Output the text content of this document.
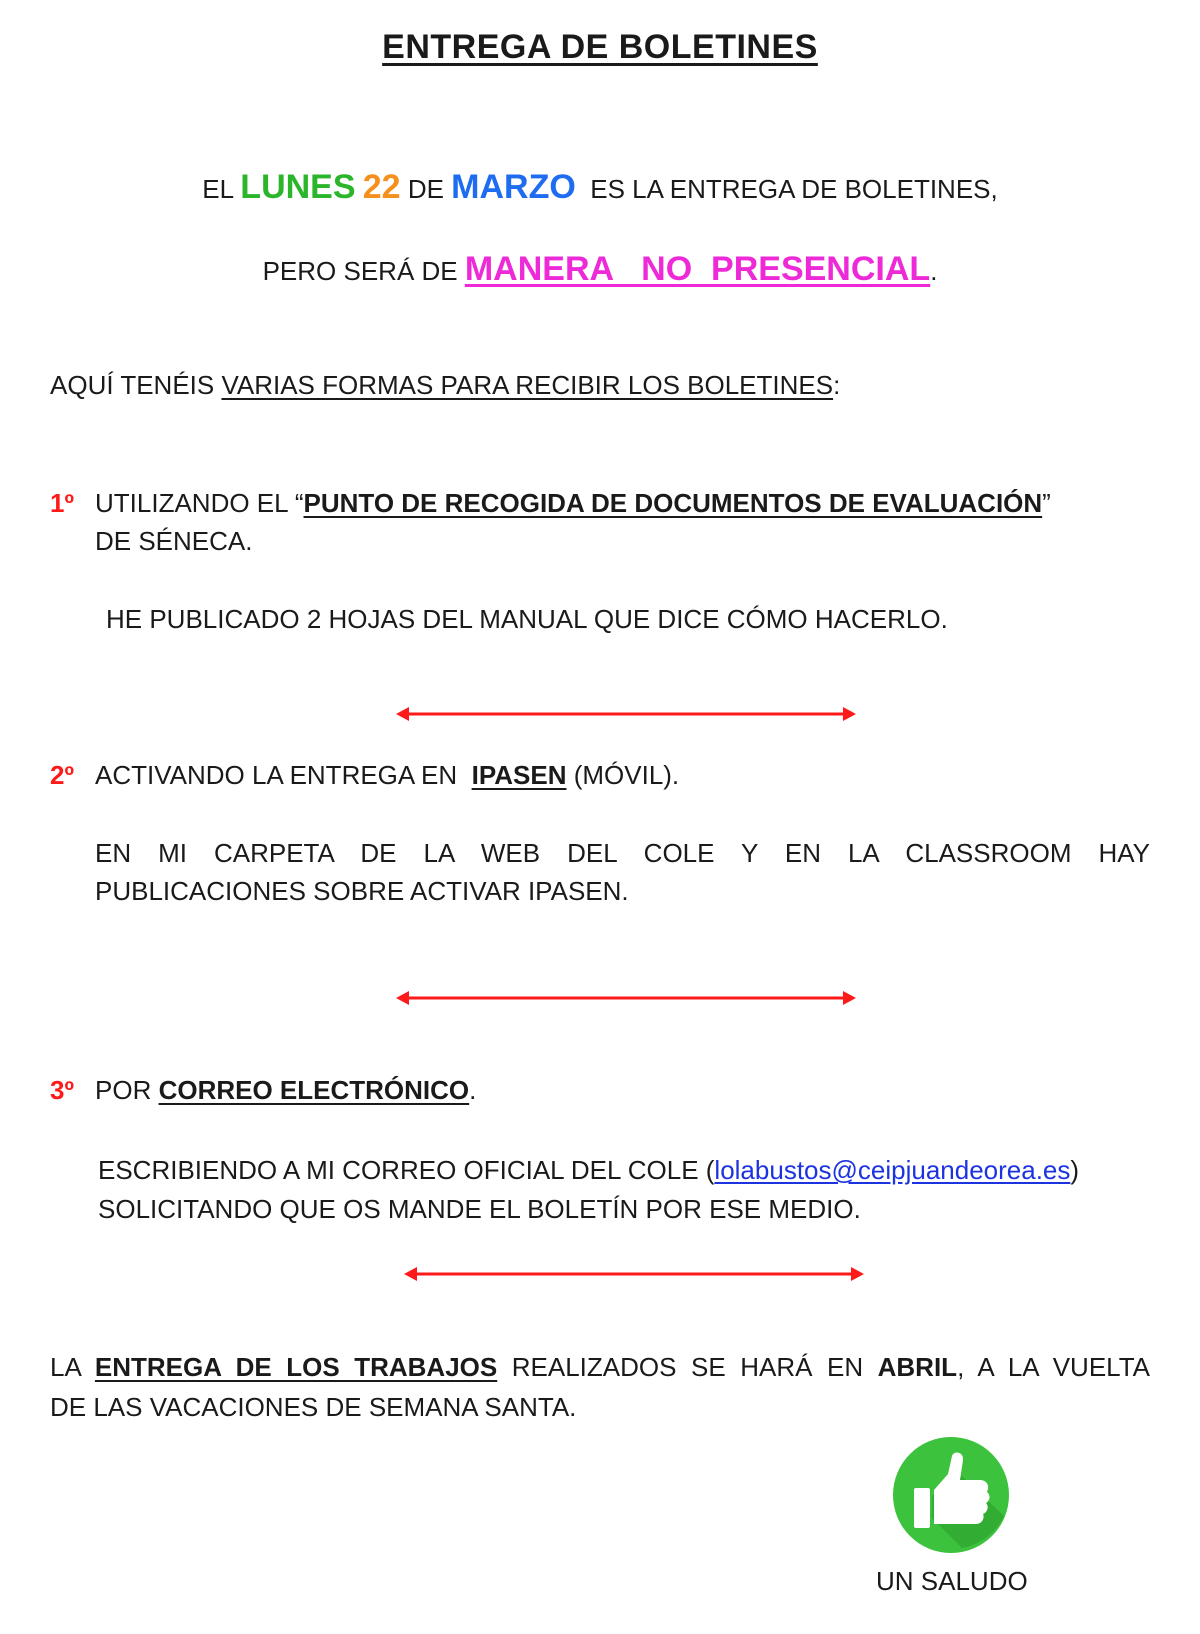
ENTREGA DE BOLETINES
EL LUNES 22 DE MARZO  ES LA ENTREGA DE BOLETINES,
PERO SERÁ DE MANERA   NO  PRESENCIAL.
AQUÍ TENÉIS VARIAS FORMAS PARA RECIBIR LOS BOLETINES:
1º UTILIZANDO EL “PUNTO DE RECOGIDA DE DOCUMENTOS DE EVALUACIÓN”
DE SÉNECA.
HE PUBLICADO 2 HOJAS DEL MANUAL QUE DICE CÓMO HACERLO.
2º ACTIVANDO LA ENTREGA EN  IPASEN (MÓVIL).
EN MI CARPETA DE LA WEB DEL COLE Y EN LA CLASSROOM HAY
PUBLICACIONES SOBRE ACTIVAR IPASEN.
3º POR CORREO ELECTRÓNICO.
ESCRIBIENDO A MI CORREO OFICIAL DEL COLE (lolabustos@ceipjuandeorea.es)
SOLICITANDO QUE OS MANDE EL BOLETÍN POR ESE MEDIO.
LA ENTREGA DE LOS TRABAJOS REALIZADOS SE HARÁ EN ABRIL, A LA VUELTA
DE LAS VACACIONES DE SEMANA SANTA.
UN SALUDO
